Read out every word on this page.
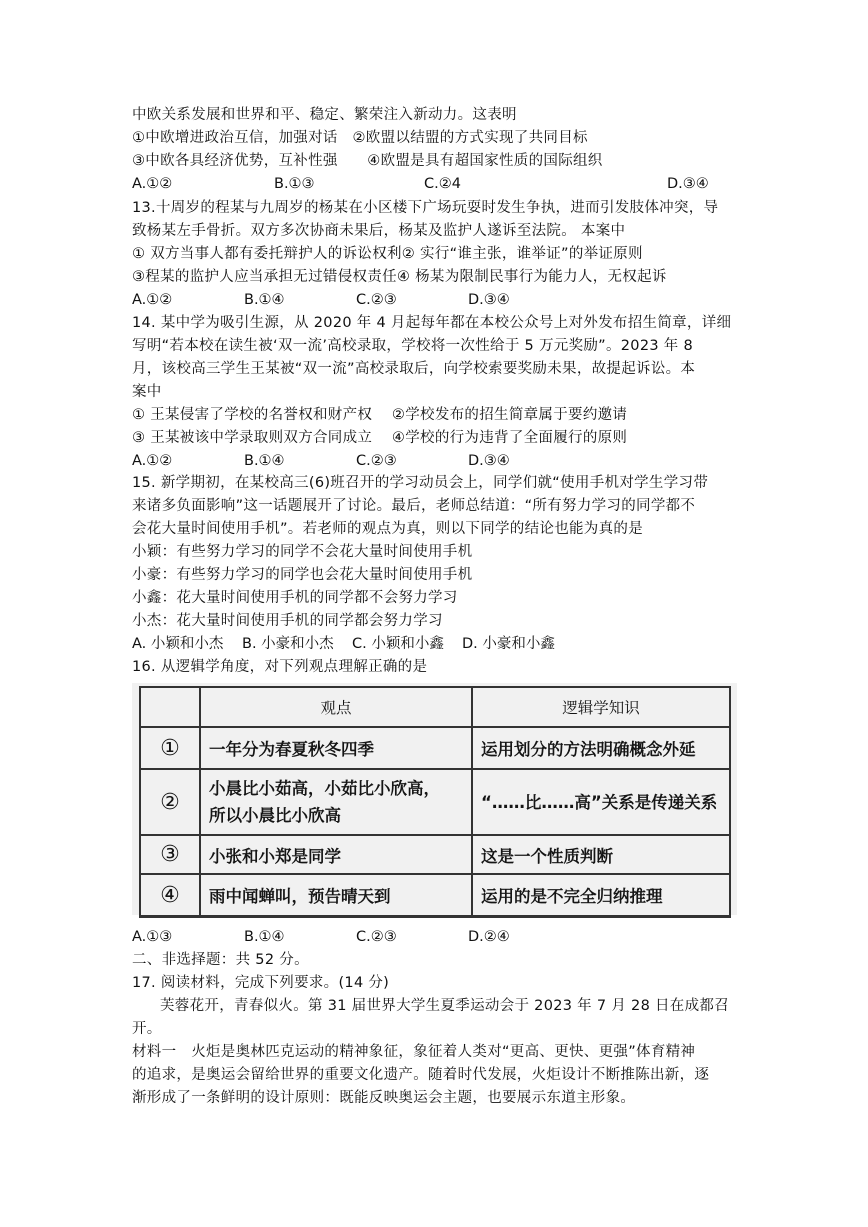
中欧关系发展和世界和平、稳定、繁荣注入新动力。这表明
①中欧增进政治互信，加强对话　②欧盟以结盟的方式实现了共同目标
③中欧各具经济优势，互补性强　　④欧盟是具有超国家性质的国际组织
A.①②	B.①③	C.②4	D.③④
13.十周岁的程某与九周岁的杨某在小区楼下广场玩耍时发生争执，进而引发肢体冲突，导
致杨某左手骨折。双方多次协商未果后，杨某及监护人遂诉至法院。 本案中
① 双方当事人都有委托辩护人的诉讼权利② 实行“谁主张，谁举证”的举证原则
③程某的监护人应当承担无过错侵权责任④ 杨某为限制民事行为能力人，无权起诉
A.①②	B.①④	C.②③	D.③④
14. 某中学为吸引生源，从 2020 年 4 月起每年都在本校公众号上对外发布招生简章，详细
写明“若本校在读生被‘双一流’高校录取，学校将一次性给于 5 万元奖励”。2023 年 8
月，该校高三学生王某被“双一流”高校录取后，向学校索要奖励未果，故提起诉讼。本
案中
① 王某侵害了学校的名誉权和财产权　 ②学校发布的招生简章属于要约邀请
③ 王某被该中学录取则双方合同成立　 ④学校的行为违背了全面履行的原则
A.①②	B.①④	C.②③	D.③④
15. 新学期初，在某校高三(6)班召开的学习动员会上，同学们就“使用手机对学生学习带
来诸多负面影响”这一话题展开了讨论。最后，老师总结道：“所有努力学习的同学都不
会花大量时间使用手机”。若老师的观点为真，则以下同学的结论也能为真的是
小颖：有些努力学习的同学不会花大量时间使用手机
小豪：有些努力学习的同学也会花大量时间使用手机
小鑫：花大量时间使用手机的同学都不会努力学习
小杰：花大量时间使用手机的同学都会努力学习
A. 小颖和小杰 B. 小豪和小杰 C. 小颖和小鑫 D. 小豪和小鑫
16. 从逻辑学角度，对下列观点理解正确的是
	观点	逻辑学知识
①	一年分为春夏秋冬四季	运用划分的方法明确概念外延
②	小晨比小茹高，小茹比小欣高，
所以小晨比小欣高	“……比……高”关系是传递关系
③	小张和小郑是同学	这是一个性质判断
④	雨中闻蝉叫，预告晴天到	运用的是不完全归纳推理
A.①③	B.①④	C.②③	D.②④
二、非选择题：共 52 分。
17. 阅读材料，完成下列要求。(14 分)
芙蓉花开，青春似火。第 31 届世界大学生夏季运动会于 2023 年 7 月 28 日在成都召
开。
材料一　火炬是奥林匹克运动的精神象征，象征着人类对“更高、更快、更强”体育精神
的追求，是奥运会留给世界的重要文化遗产。随着时代发展，火炬设计不断推陈出新，逐
渐形成了一条鲜明的设计原则：既能反映奥运会主题，也要展示东道主形象。
